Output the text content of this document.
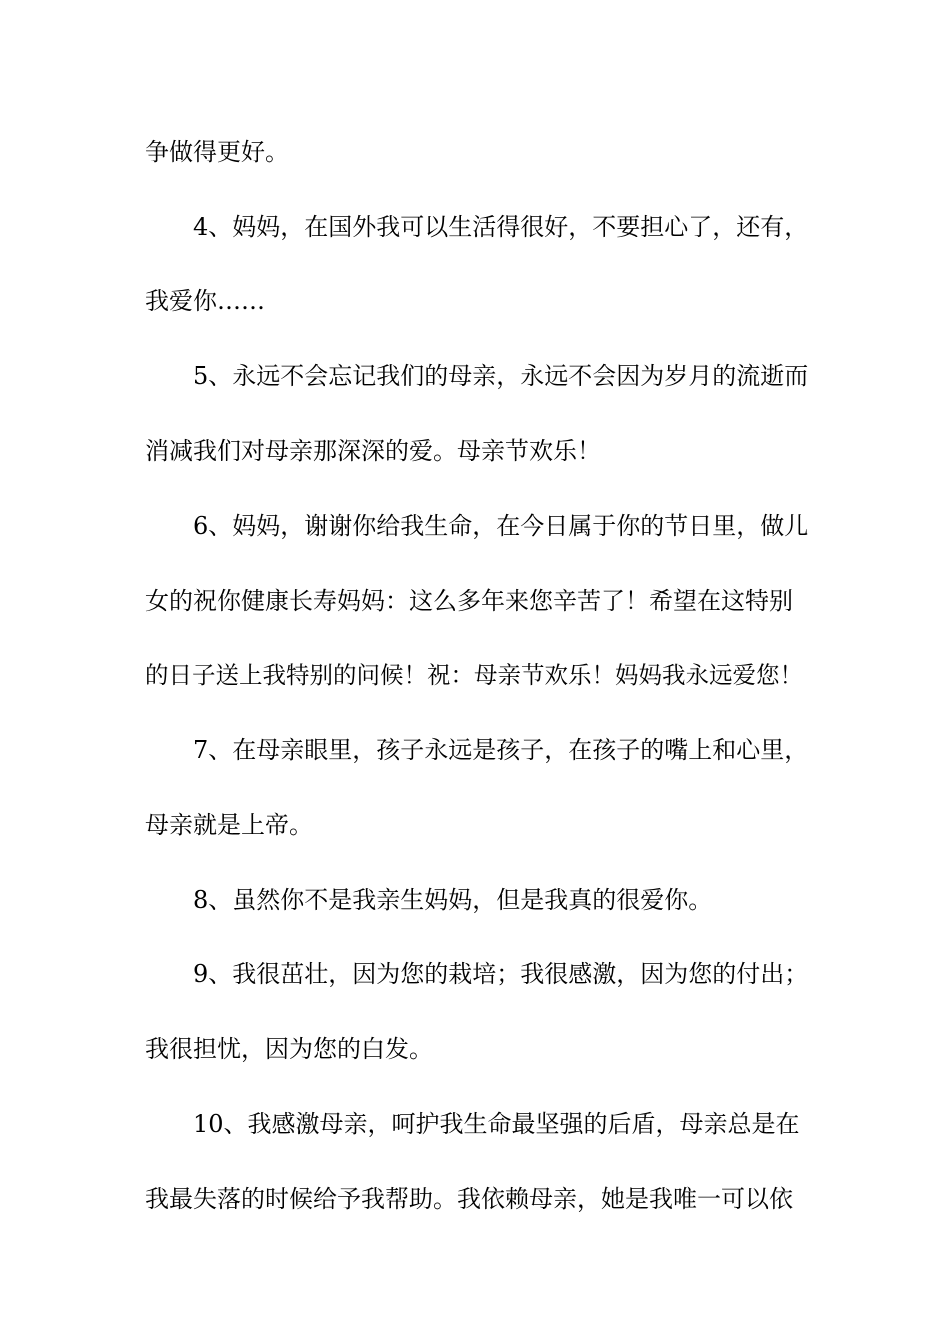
争做得更好。
4、妈妈，在国外我可以生活得很好，不要担心了，还有，
我爱你……
5、永远不会忘记我们的母亲，永远不会因为岁月的流逝而
消减我们对母亲那深深的爱。母亲节欢乐！
6、妈妈，谢谢你给我生命，在今日属于你的节日里，做儿
女的祝你健康长寿妈妈：这么多年来您辛苦了！希望在这特别
的日子送上我特别的问候！祝：母亲节欢乐！妈妈我永远爱您！
7、在母亲眼里，孩子永远是孩子，在孩子的嘴上和心里，
母亲就是上帝。
8、虽然你不是我亲生妈妈，但是我真的很爱你。
9、我很茁壮，因为您的栽培；我很感激，因为您的付出；
我很担忧，因为您的白发。
10、我感激母亲，呵护我生命最坚强的后盾，母亲总是在
我最失落的时候给予我帮助。我依赖母亲，她是我唯一可以依
